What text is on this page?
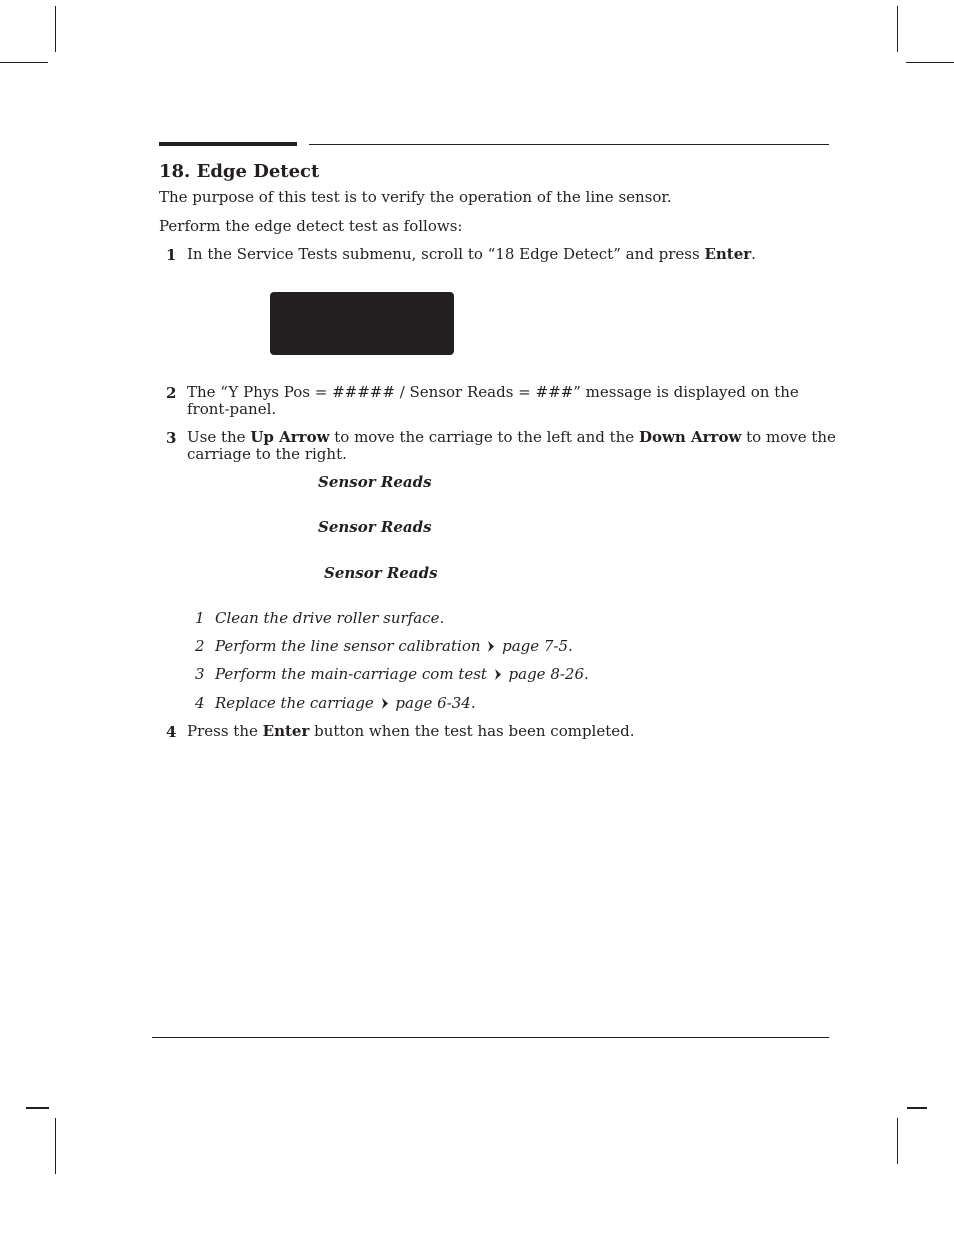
18. Edge Detect
The purpose of this test is to verify the operation of the line sensor.
Perform the edge detect test as follows:
1 In the Service Tests submenu, scroll to “18 Edge Detect” and press Enter.
2 The “Y Phys Pos = ##### / Sensor Reads = ###” message is displayed on the
front-panel.
3 Use the Up Arrow to move the carriage to the left and the Down Arrow to move the
carriage to the right.
Sensor Reads
Sensor Reads
Sensor Reads
1 Clean the drive roller surface.
2 Perform the line sensor calibration page 7-5.
3 Perform the main-carriage com test page 8-26.
4 Replace the carriage page 6-34.
4 Press the Enter button when the test has been completed.
